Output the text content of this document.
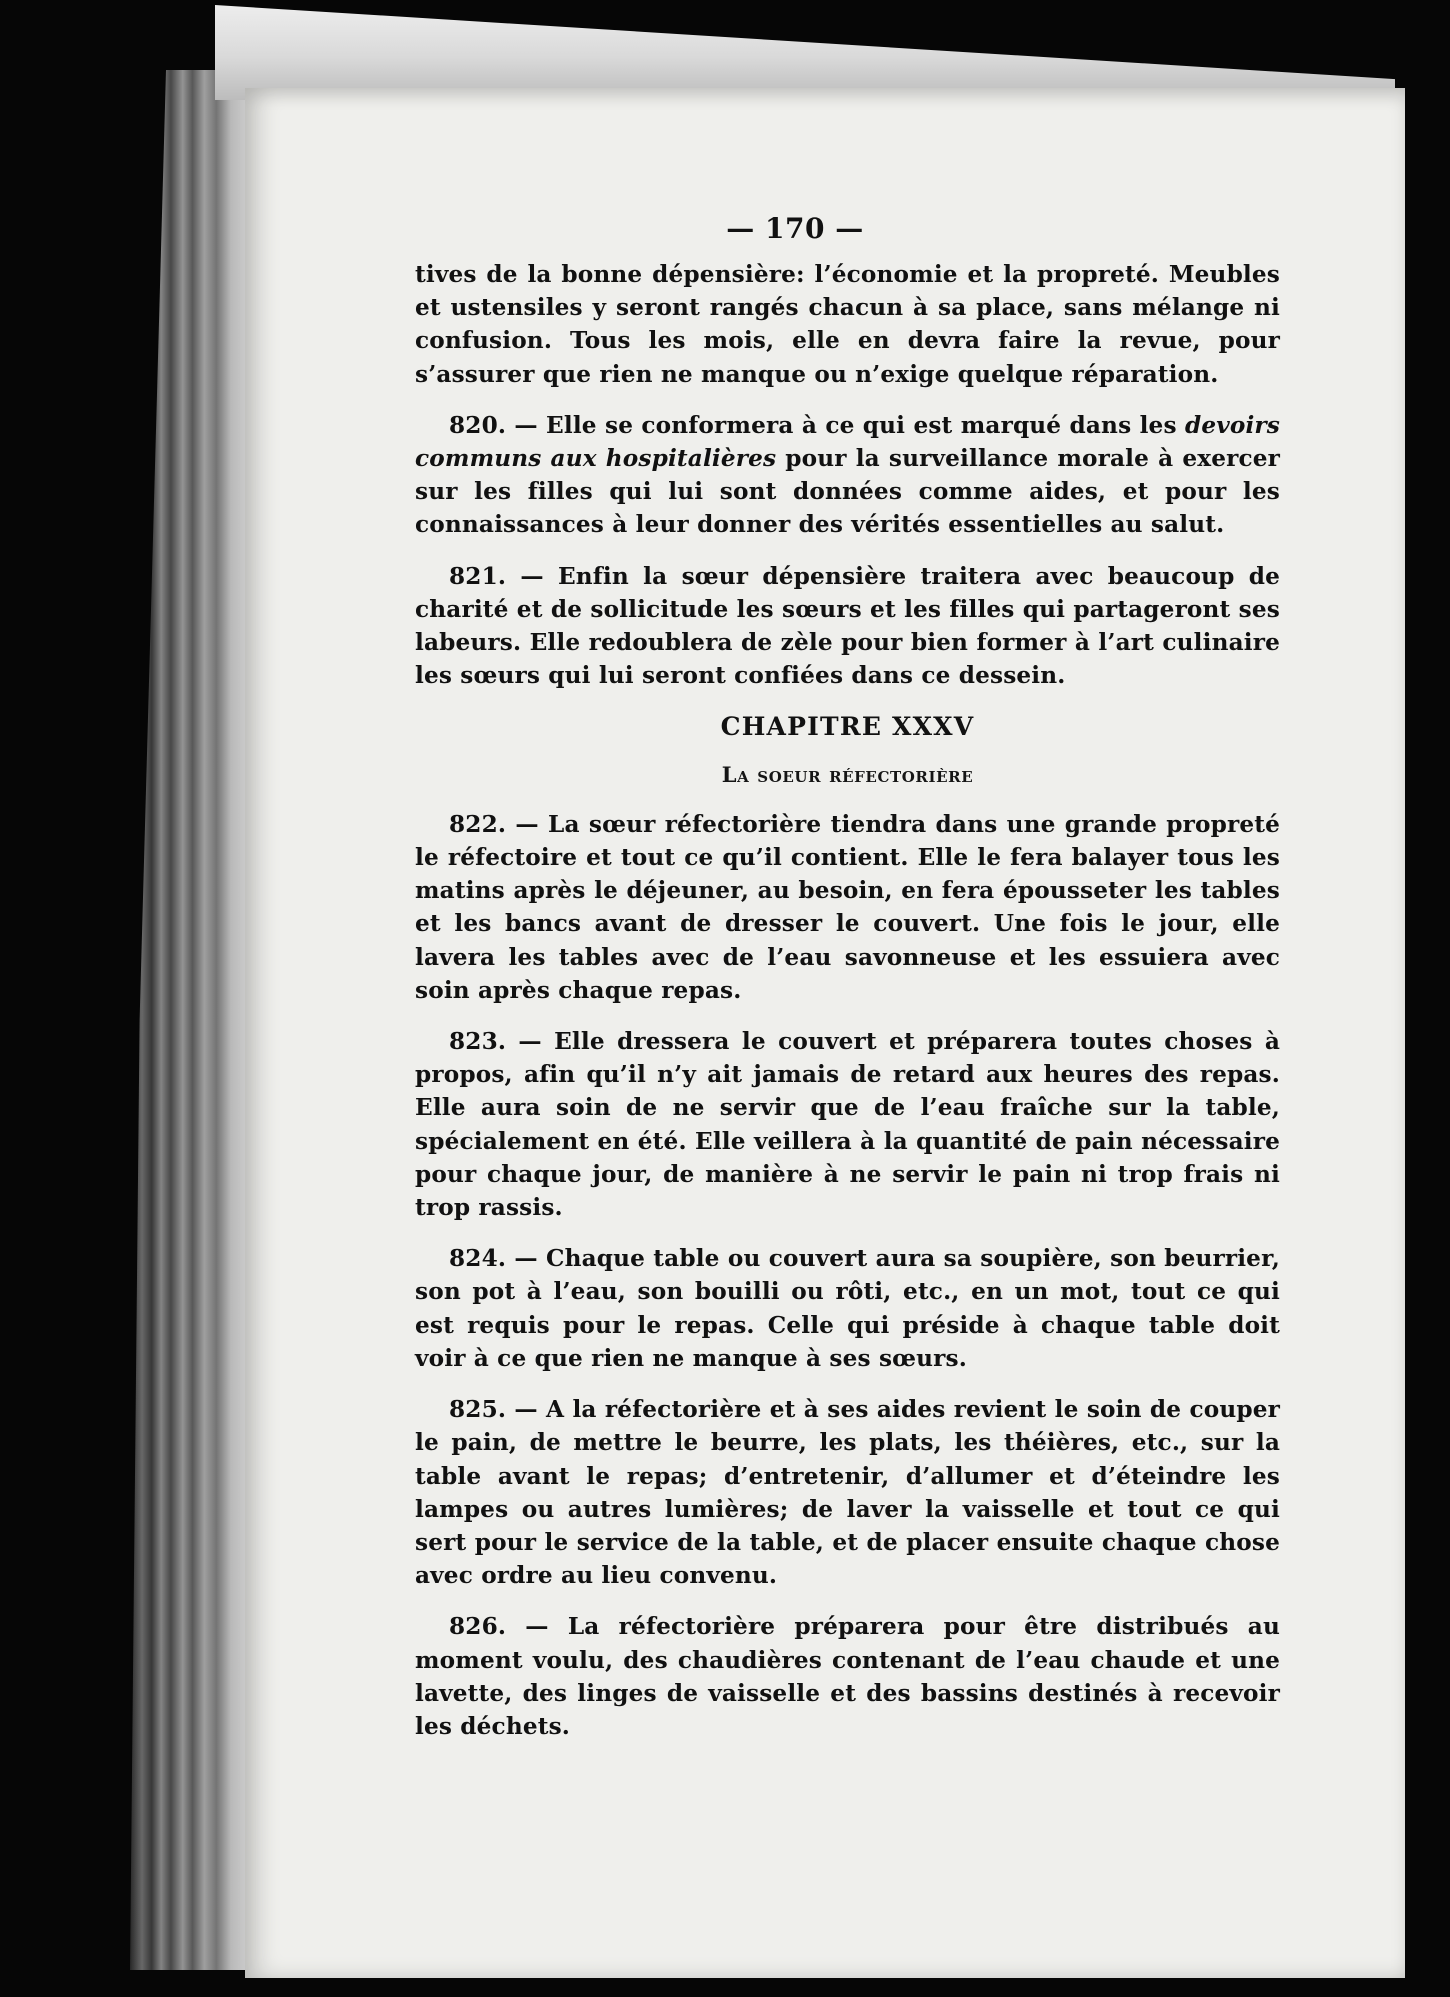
— 170 —

tives de la bonne dépensière: l’économie et la propreté. Meubles et ustensiles y seront rangés chacun à sa place, sans mélange ni confusion. Tous les mois, elle en devra faire la revue, pour s’assurer que rien ne manque ou n’exige quelque réparation.

820. — Elle se conformera à ce qui est marqué dans les devoirs communs aux hospitalières pour la surveillance morale à exercer sur les filles qui lui sont données comme aides, et pour les connaissances à leur donner des vérités essentielles au salut.

821. — Enfin la sœur dépensière traitera avec beaucoup de charité et de sollicitude les sœurs et les filles qui partageront ses labeurs. Elle redoublera de zèle pour bien former à l’art culinaire les sœurs qui lui seront confiées dans ce dessein.

CHAPITRE XXXV
La soeur réfectorière

822. — La sœur réfectorière tiendra dans une grande propreté le réfectoire et tout ce qu’il contient. Elle le fera balayer tous les matins après le déjeuner, au besoin, en fera épousseter les tables et les bancs avant de dresser le couvert. Une fois le jour, elle lavera les tables avec de l’eau savonneuse et les essuiera avec soin après chaque repas.

823. — Elle dressera le couvert et préparera toutes choses à propos, afin qu’il n’y ait jamais de retard aux heures des repas. Elle aura soin de ne servir que de l’eau fraîche sur la table, spécialement en été. Elle veillera à la quantité de pain nécessaire pour chaque jour, de manière à ne servir le pain ni trop frais ni trop rassis.

824. — Chaque table ou couvert aura sa soupière, son beurrier, son pot à l’eau, son bouilli ou rôti, etc., en un mot, tout ce qui est requis pour le repas. Celle qui préside à chaque table doit voir à ce que rien ne manque à ses sœurs.

825. — A la réfectorière et à ses aides revient le soin de couper le pain, de mettre le beurre, les plats, les théières, etc., sur la table avant le repas; d’entretenir, d’allumer et d’éteindre les lampes ou autres lumières; de laver la vaisselle et tout ce qui sert pour le service de la table, et de placer ensuite chaque chose avec ordre au lieu convenu.

826. — La réfectorière préparera pour être distribués au moment voulu, des chaudières contenant de l’eau chaude et une lavette, des linges de vaisselle et des bassins destinés à recevoir les déchets.
